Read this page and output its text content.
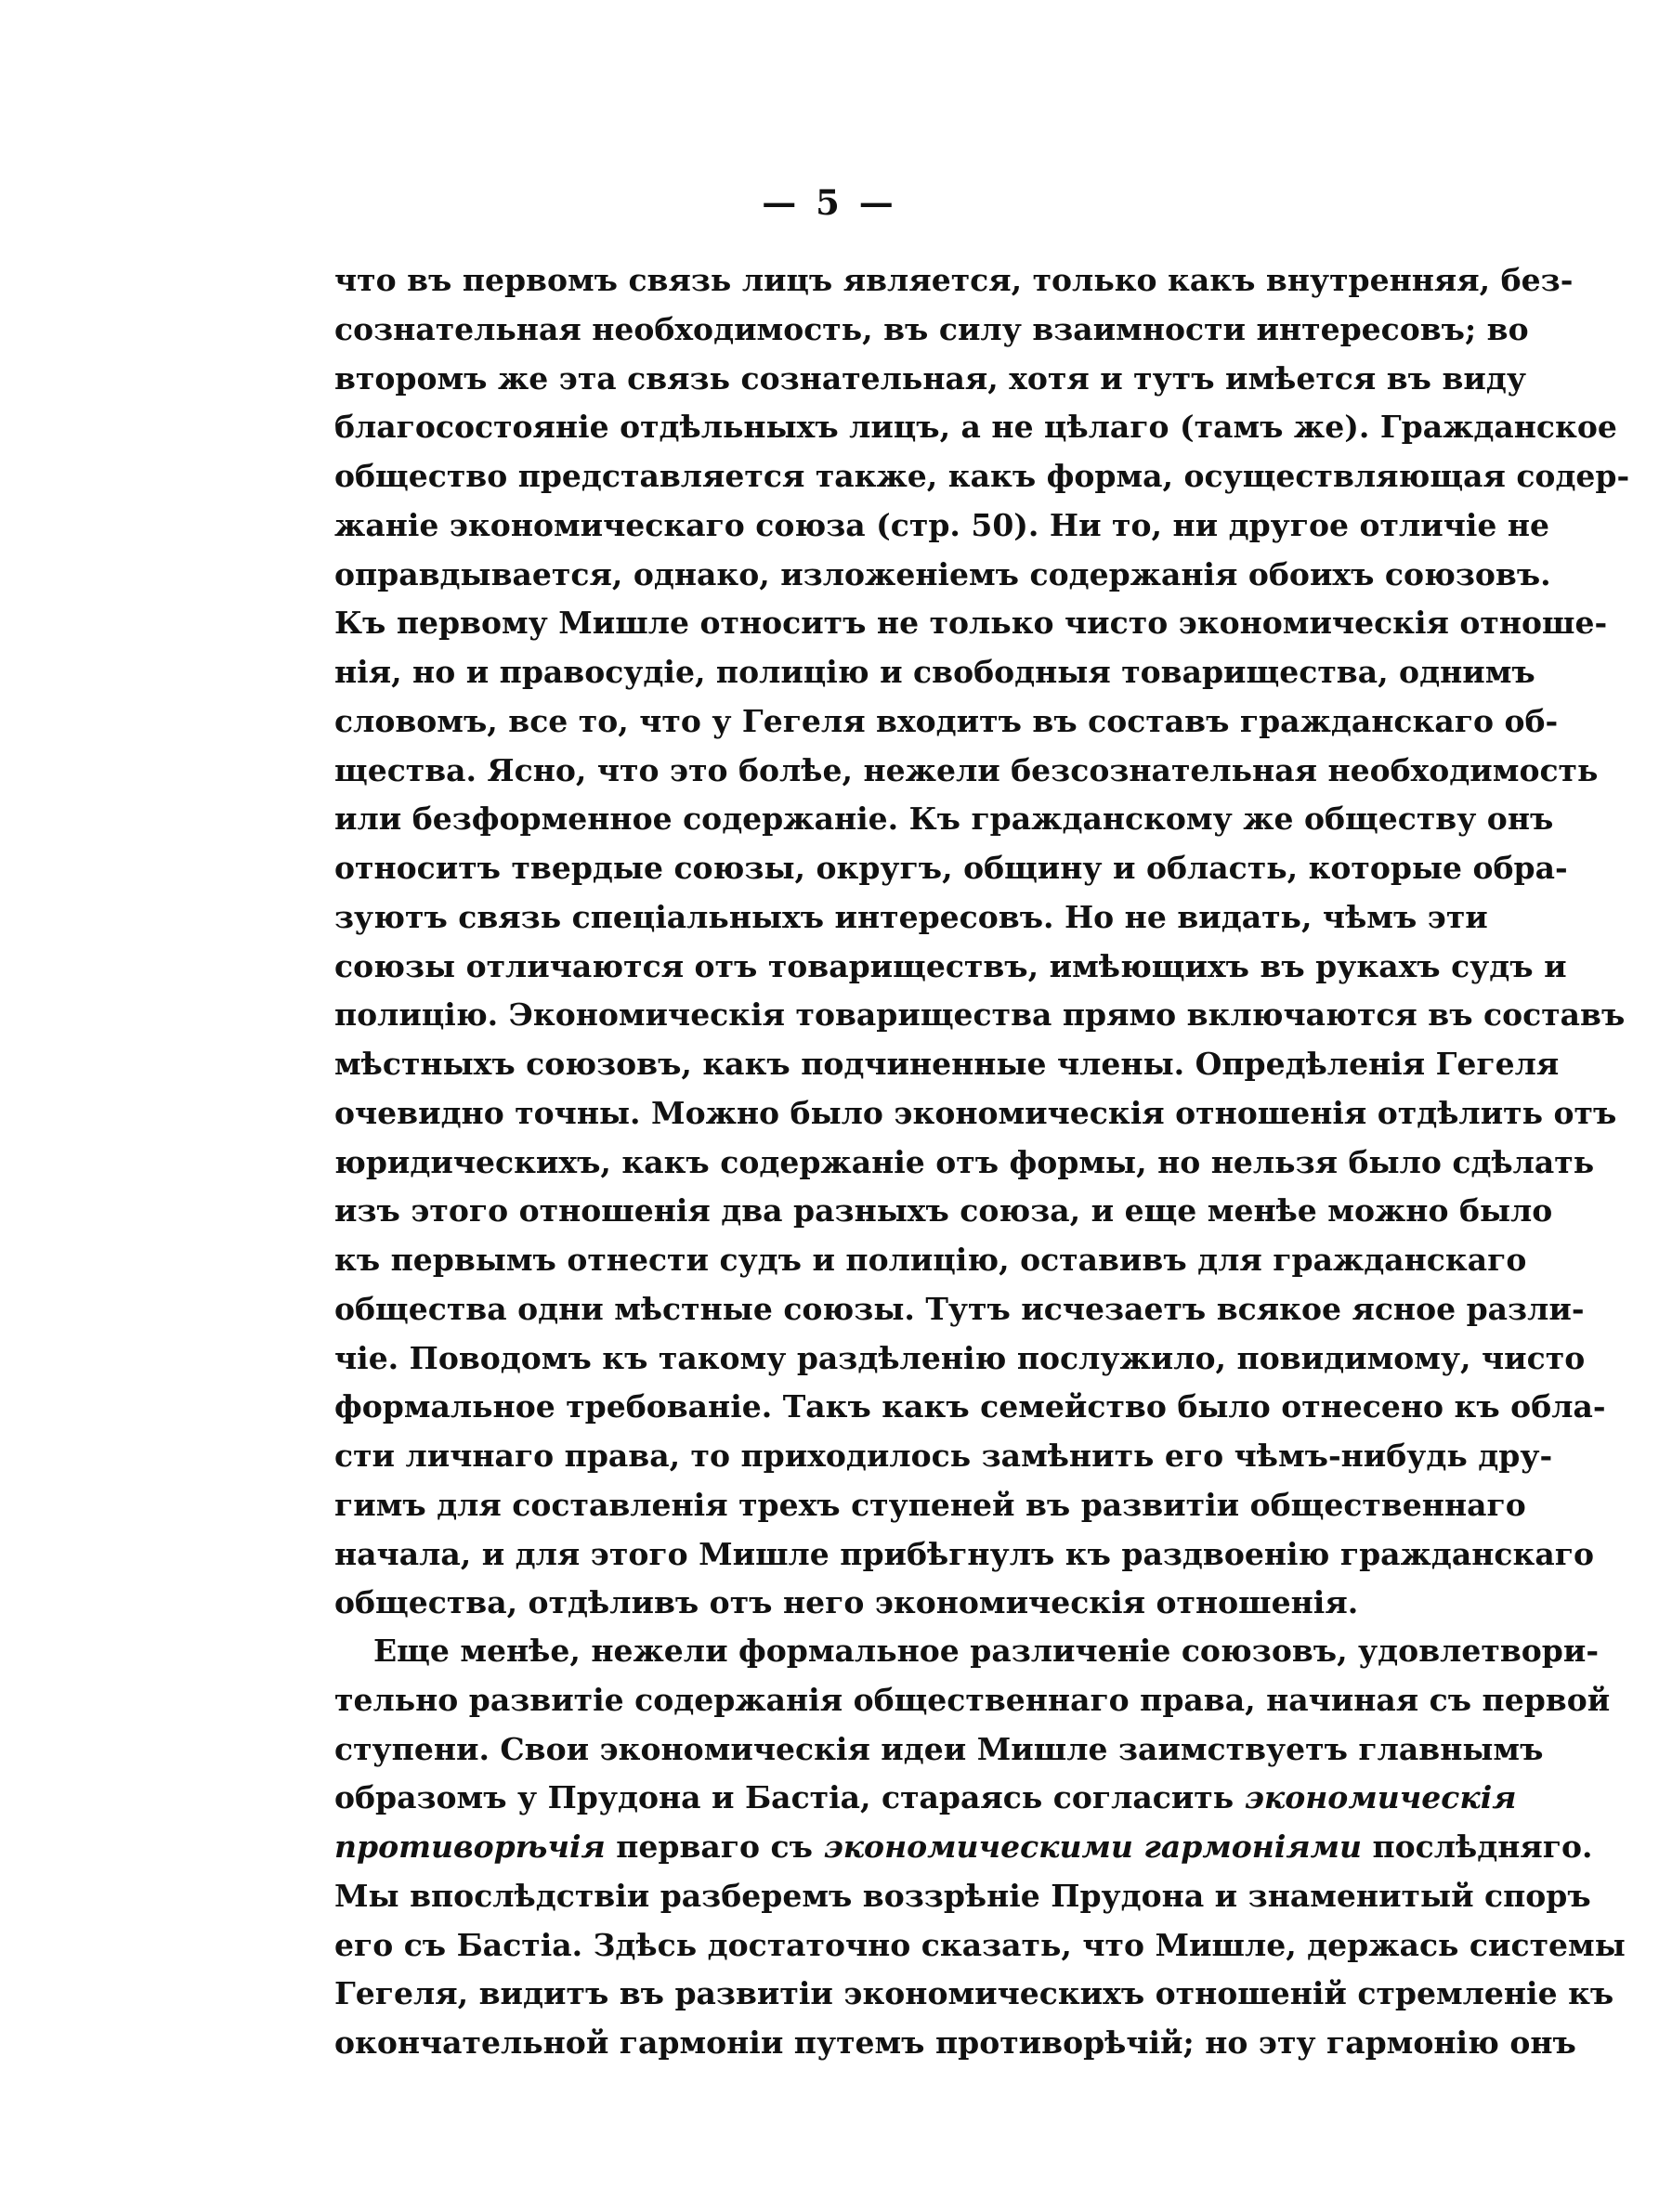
— 5 —
что въ первомъ связь лицъ является, только какъ внутренняя, без-
сознательная необходимость, въ силу взаимности интересовъ; во
второмъ же эта связь сознательная, хотя и тутъ имѣется въ виду
благосостояніе отдѣльныхъ лицъ, а не цѣлаго (тамъ же). Гражданское
общество представляется также, какъ форма, осуществляющая содер-
жаніе экономическаго союза (стр. 50). Ни то, ни другое отличіе не
оправдывается, однако, изложеніемъ содержанія обоихъ союзовъ.
Къ первому Мишле относитъ не только чисто экономическія отноше-
нія, но и правосудіе, полицію и свободныя товарищества, однимъ
словомъ, все то, что у Гегеля входитъ въ составъ гражданскаго об-
щества. Ясно, что это болѣе, нежели безсознательная необходимость
или безформенное содержаніе. Къ гражданскому же обществу онъ
относитъ твердые союзы, округъ, общину и область, которые обра-
зуютъ связь спеціальныхъ интересовъ. Но не видать, чѣмъ эти
союзы отличаются отъ товариществъ, имѣющихъ въ рукахъ судъ и
полицію. Экономическія товарищества прямо включаются въ составъ
мѣстныхъ союзовъ, какъ подчиненные члены. Опредѣленія Гегеля
очевидно точны. Можно было экономическія отношенія отдѣлить отъ
юридическихъ, какъ содержаніе отъ формы, но нельзя было сдѣлать
изъ этого отношенія два разныхъ союза, и еще менѣе можно было
къ первымъ отнести судъ и полицію, оставивъ для гражданскаго
общества одни мѣстные союзы. Тутъ исчезаетъ всякое ясное разли-
чіе. Поводомъ къ такому раздѣленію послужило, повидимому, чисто
формальное требованіе. Такъ какъ семейство было отнесено къ обла-
сти личнаго права, то приходилось замѣнить его чѣмъ-нибудь дру-
гимъ для составленія трехъ ступеней въ развитіи общественнаго
начала, и для этого Мишле прибѣгнулъ къ раздвоенію гражданскаго
общества, отдѣливъ отъ него экономическія отношенія.
Еще менѣе, нежели формальное различеніе союзовъ, удовлетвори-
тельно развитіе содержанія общественнаго права, начиная съ первой
ступени. Свои экономическія идеи Мишле заимствуетъ главнымъ
образомъ у Прудона и Бастіа, стараясь согласить экономическія
противорѣчія перваго съ экономическими гармоніями послѣдняго.
Мы впослѣдствіи разберемъ воззрѣніе Прудона и знаменитый споръ
его съ Бастіа. Здѣсь достаточно сказать, что Мишле, держась системы
Гегеля, видитъ въ развитіи экономическихъ отношеній стремленіе къ
окончательной гармоніи путемъ противорѣчій; но эту гармонію онъ
